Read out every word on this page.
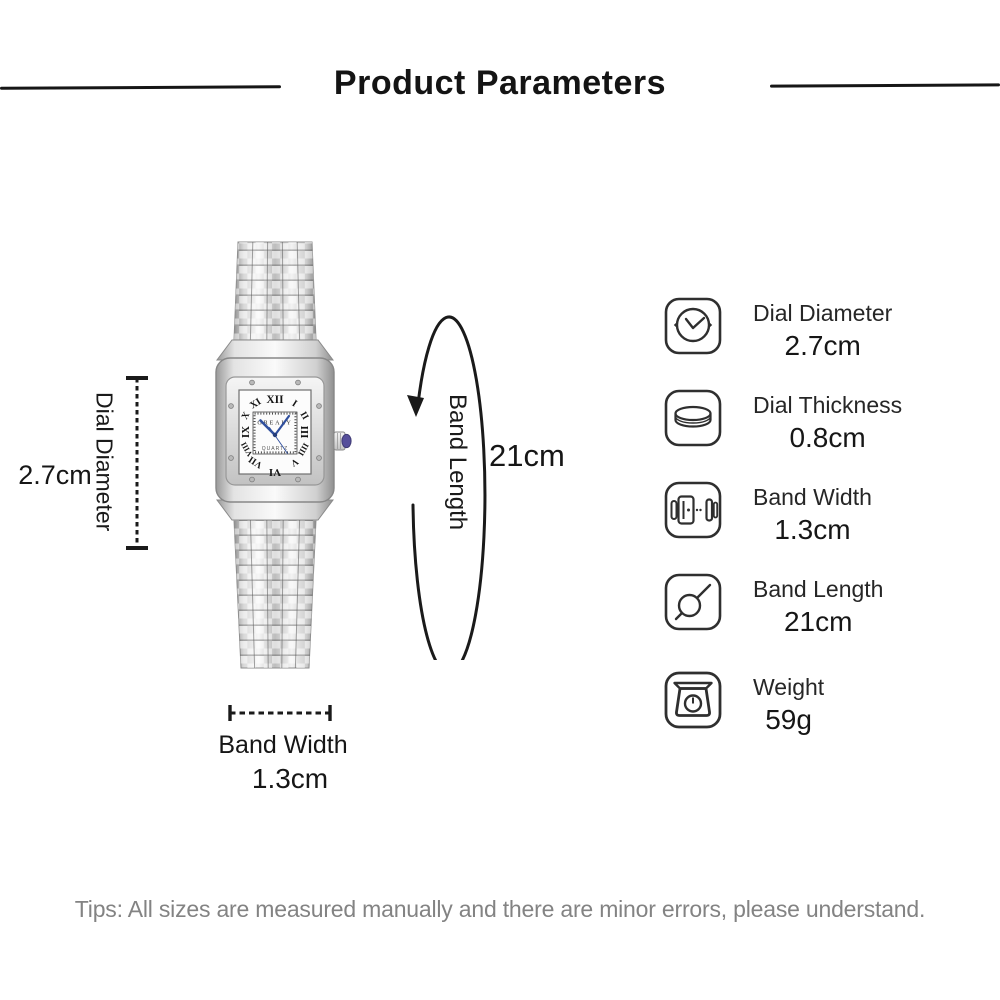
Product Parameters
XII I
II
III
IIII
V
VI
VII
VIII
IX
X
XI
GREALY
QUARTZ
Dial Diameter
2.7cm	Band Length 21cm
Band Width
1.3cm
Dial Diameter
2.7cm
Dial Thickness
0.8cm
Band Width
1.3cm
Band Length
21cm
Weight
59g
Tips: All sizes are measured manually and there are minor errors, please understand.
